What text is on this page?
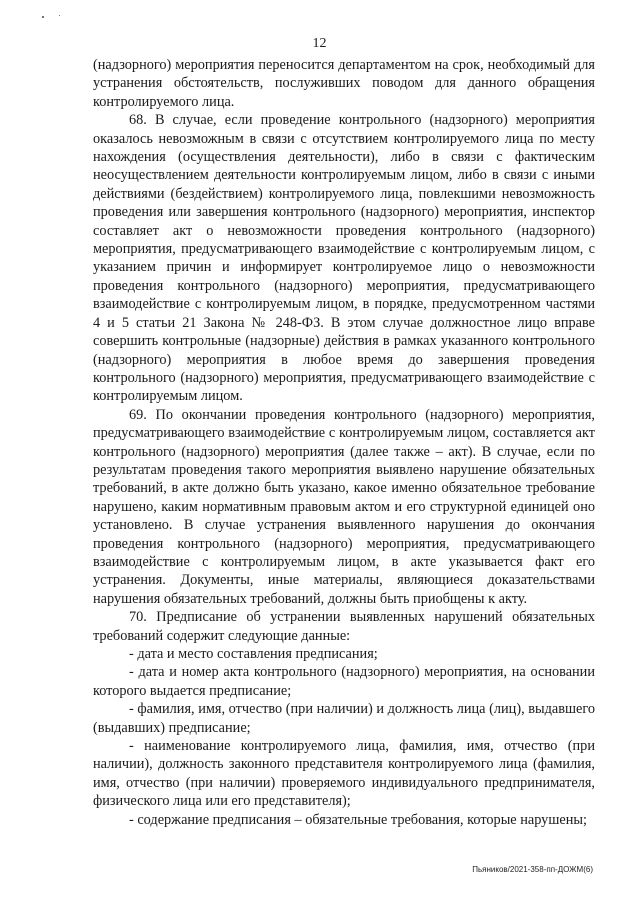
12

(надзорного) мероприятия переносится департаментом на срок, необходимый для устранения обстоятельств, послуживших поводом для данного обращения контролируемого лица.

68. В случае, если проведение контрольного (надзорного) мероприятия оказалось невозможным в связи с отсутствием контролируемого лица по месту нахождения (осуществления деятельности), либо в связи с фактическим неосуществлением деятельности контролируемым лицом, либо в связи с иными действиями (бездействием) контролируемого лица, повлекшими невозможность проведения или завершения контрольного (надзорного) мероприятия, инспектор составляет акт о невозможности проведения контрольного (надзорного) мероприятия, предусматривающего взаимодействие с контролируемым лицом, с указанием причин и информирует контролируемое лицо о невозможности проведения контрольного (надзорного) мероприятия, предусматривающего взаимодействие с контролируемым лицом, в порядке, предусмотренном частями 4 и 5 статьи 21 Закона № 248-ФЗ. В этом случае должностное лицо вправе совершить контрольные (надзорные) действия в рамках указанного контрольного (надзорного) мероприятия в любое время до завершения проведения контрольного (надзорного) мероприятия, предусматривающего взаимодействие с контролируемым лицом.

69. По окончании проведения контрольного (надзорного) мероприятия, предусматривающего взаимодействие с контролируемым лицом, составляется акт контрольного (надзорного) мероприятия (далее также – акт). В случае, если по результатам проведения такого мероприятия выявлено нарушение обязательных требований, в акте должно быть указано, какое именно обязательное требование нарушено, каким нормативным правовым актом и его структурной единицей оно установлено. В случае устранения выявленного нарушения до окончания проведения контрольного (надзорного) мероприятия, предусматривающего взаимодействие с контролируемым лицом, в акте указывается факт его устранения. Документы, иные материалы, являющиеся доказательствами нарушения обязательных требований, должны быть приобщены к акту.

70. Предписание об устранении выявленных нарушений обязательных требований содержит следующие данные:

- дата и место составления предписания;

- дата и номер акта контрольного (надзорного) мероприятия, на основании которого выдается предписание;

- фамилия, имя, отчество (при наличии) и должность лица (лиц), выдавшего (выдавших) предписание;

- наименование контролируемого лица, фамилия, имя, отчество (при наличии), должность законного представителя контролируемого лица (фамилия, имя, отчество (при наличии) проверяемого индивидуального предпринимателя, физического лица или его представителя);

- содержание предписания – обязательные требования, которые нарушены;

Пьяников/2021-358-пп-ДОЖМ(6)
